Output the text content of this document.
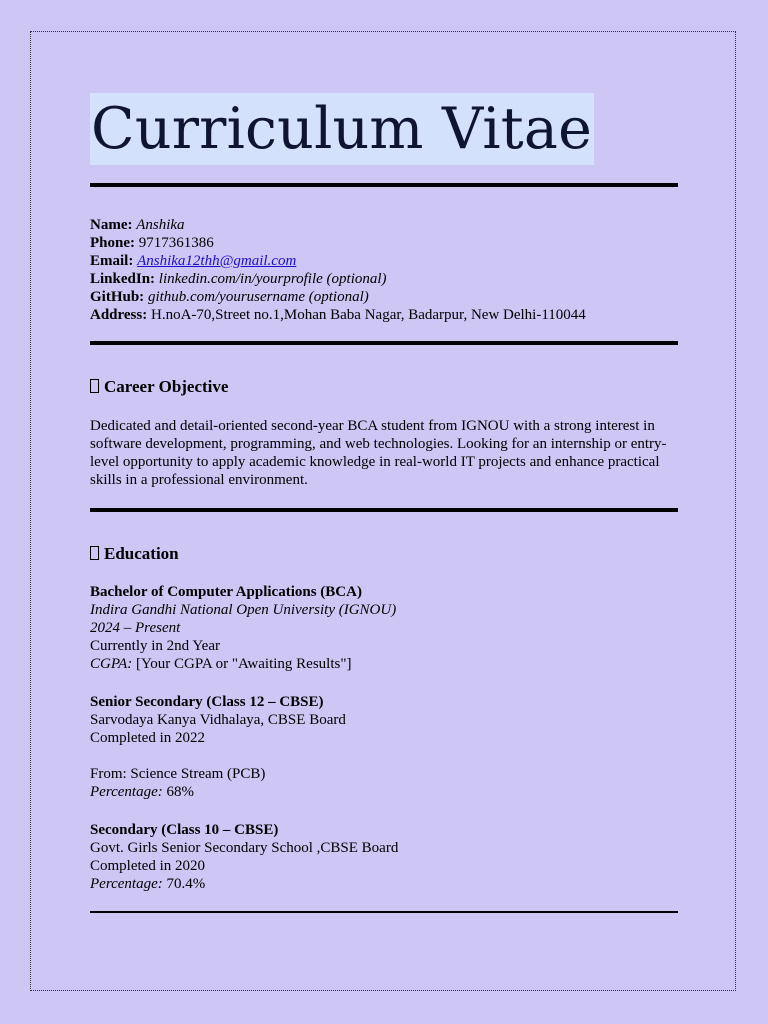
Curriculum Vitae
Name: Anshika
Phone: 9717361386
Email: Anshika12thh@gmail.com
LinkedIn: linkedin.com/in/yourprofile (optional)
GitHub: github.com/yourusername (optional)
Address: H.noA-70,Street no.1,Mohan Baba Nagar, Badarpur, New Delhi-110044
Career Objective
Dedicated and detail-oriented second-year BCA student from IGNOU with a strong interest in software development, programming, and web technologies. Looking for an internship or entry-level opportunity to apply academic knowledge in real-world IT projects and enhance practical skills in a professional environment.
Education
Bachelor of Computer Applications (BCA)
Indira Gandhi National Open University (IGNOU)
2024 – Present
Currently in 2nd Year
CGPA: [Your CGPA or "Awaiting Results"]
Senior Secondary (Class 12 – CBSE)
Sarvodaya Kanya Vidhalaya, CBSE Board
Completed in 2022
From: Science Stream (PCB)
Percentage: 68%
Secondary (Class 10 – CBSE)
Govt. Girls Senior Secondary School ,CBSE Board
Completed in 2020
Percentage: 70.4%
